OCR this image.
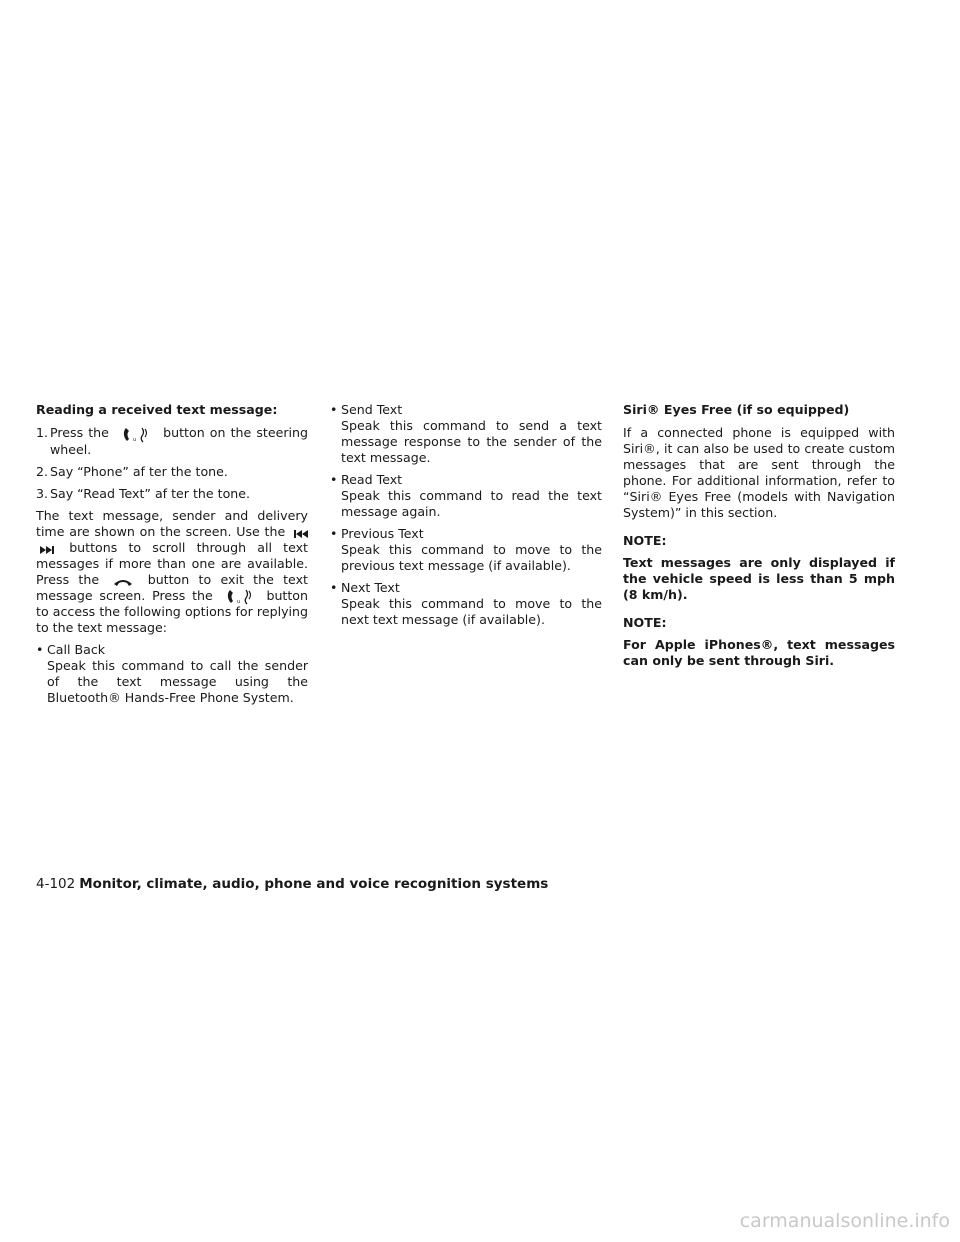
Reading a received text message:

1. Press the	u button on the steering wheel.
2. Say “Phone” af ter the tone.
3. Say “Read Text” af ter the tone.

The text message, sender and delivery time are shown on the screen. Use the   buttons to scroll through all text messages if more than one are available. Press the	button to exit the text message screen. Press the	u button to access the following options for replying to the text message:

• Call Back
Speak this command to call the sender of the text message using the Bluetooth® Hands-Free Phone System.
• Send Text
Speak this command to send a text message response to the sender of the text message.
• Read Text
Speak this command to read the text message again.
• Previous Text
Speak this command to move to the previous text message (if available).
• Next Text
Speak this command to move to the next text message (if available).

Siri® Eyes Free (if so equipped)

If a connected phone is equipped with Siri®, it can also be used to create custom messages that are sent through the phone. For additional information, refer to “Siri® Eyes Free (models with Navigation System)” in this section.

NOTE:
Text messages are only displayed if the vehicle speed is less than 5 mph (8 km/h).
NOTE:
For Apple iPhones®, text messages can only be sent through Siri.
4-102 Monitor, climate, audio, phone and voice recognition systems
carmanualsonline.info
